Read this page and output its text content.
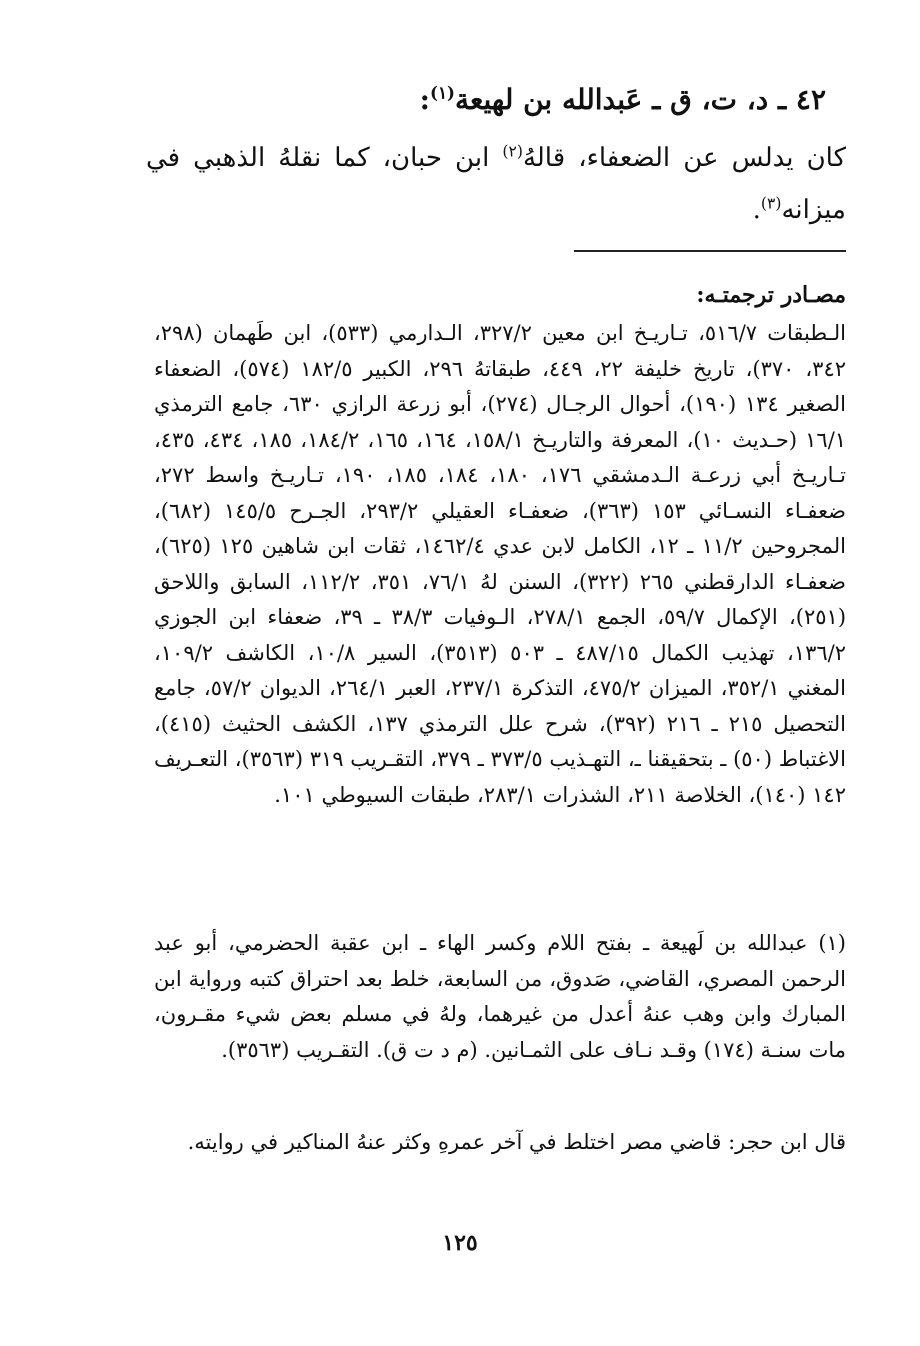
٤٢ ـ د، ت، ق ـ عَبدالله بن لهيعة$^{(١)}$:
كان يدلس عن الضعفاء، قالهُ$^{(٢)}$ ابن حبان، كما نقلهُ الذهبي في ميزانه$^{(٣)}$.
مصـادر ترجمتـه:
الـطبقات ٥١٦/٧، تـاريـخ ابن معين ٣٢٧/٢، الـدارمي (٥٣٣)، ابن طَهمان (٢٩٨، ٣٤٢، ٣٧٠)، تاريخ خليفة ٢٢، ٤٤٩، طبقاتهُ ٢٩٦، الكبير ١٨٢/٥ (٥٧٤)، الضعفاء الصغير ١٣٤ (١٩٠)، أحوال الرجـال (٢٧٤)، أبو زرعة الرازي ٦٣٠، جامع الترمذي ١٦/١ (حـديث ١٠)، المعرفة والتاريـخ ١٥٨/١، ١٦٤، ١٦٥، ١٨٤/٢، ١٨٥، ٤٣٤، ٤٣٥، تـاريـخ أبي زرعـة الـدمشقي ١٧٦، ١٨٠، ١٨٤، ١٨٥، ١٩٠، تـاريـخ واسط ٢٧٢، ضعفـاء النسـائي ١٥٣ (٣٦٣)، ضعفـاء العقيلي ٢٩٣/٢، الجـرح ١٤٥/٥ (٦٨٢)، المجروحين ١١/٢ ـ ١٢، الكامل لابن عدي ١٤٦٢/٤، ثقات ابن شاهين ١٢٥ (٦٢٥)، ضعفـاء الدارقطني ٢٦٥ (٣٢٢)، السنن لهُ ٧٦/١، ٣٥١، ١١٢/٢، السابق واللاحق (٢٥١)، الإكمال ٥٩/٧، الجمع ٢٧٨/١، الـوفيات ٣٨/٣ ـ ٣٩، ضعفاء ابن الجوزي ١٣٦/٢، تهذيب الكمال ٤٨٧/١٥ ـ ٥٠٣ (٣٥١٣)، السير ١٠/٨، الكاشف ١٠٩/٢، المغني ٣٥٢/١، الميزان ٤٧٥/٢، التذكرة ٢٣٧/١، العبر ٢٦٤/١، الديوان ٥٧/٢، جامع التحصيل ٢١٥ ـ ٢١٦ (٣٩٢)، شرح علل الترمذي ١٣٧، الكشف الحثيث (٤١٥)، الاغتباط (٥٠) ـ بتحقيقنا ـ، التهـذيب ٣٧٣/٥ ـ ٣٧٩، التقـريب ٣١٩ (٣٥٦٣)، التعـريف ١٤٢ (١٤٠)، الخلاصة ٢١١، الشذرات ٢٨٣/١، طبقات السيوطي ١٠١.
(١) عبدالله بن لَهيعة ـ بفتح اللام وكسر الهاء ـ ابن عقبة الحضرمي، أبو عبد الرحمن المصري، القاضي، صَدوق، من السابعة، خلط بعد احتراق كتبه ورواية ابن المبارك وابن وهب عنهُ أعدل من غيرهما، ولهُ في مسلم بعض شيء مقـرون، مات سنـة (١٧٤) وقـد نـاف على الثمـانين. (م د ت ق). التقـريب (٣٥٦٣).
قال ابن حجر: قاضي مصر اختلط في آخر عمرهِ وكثر عنهُ المناكير في روايته.
١٢٥
